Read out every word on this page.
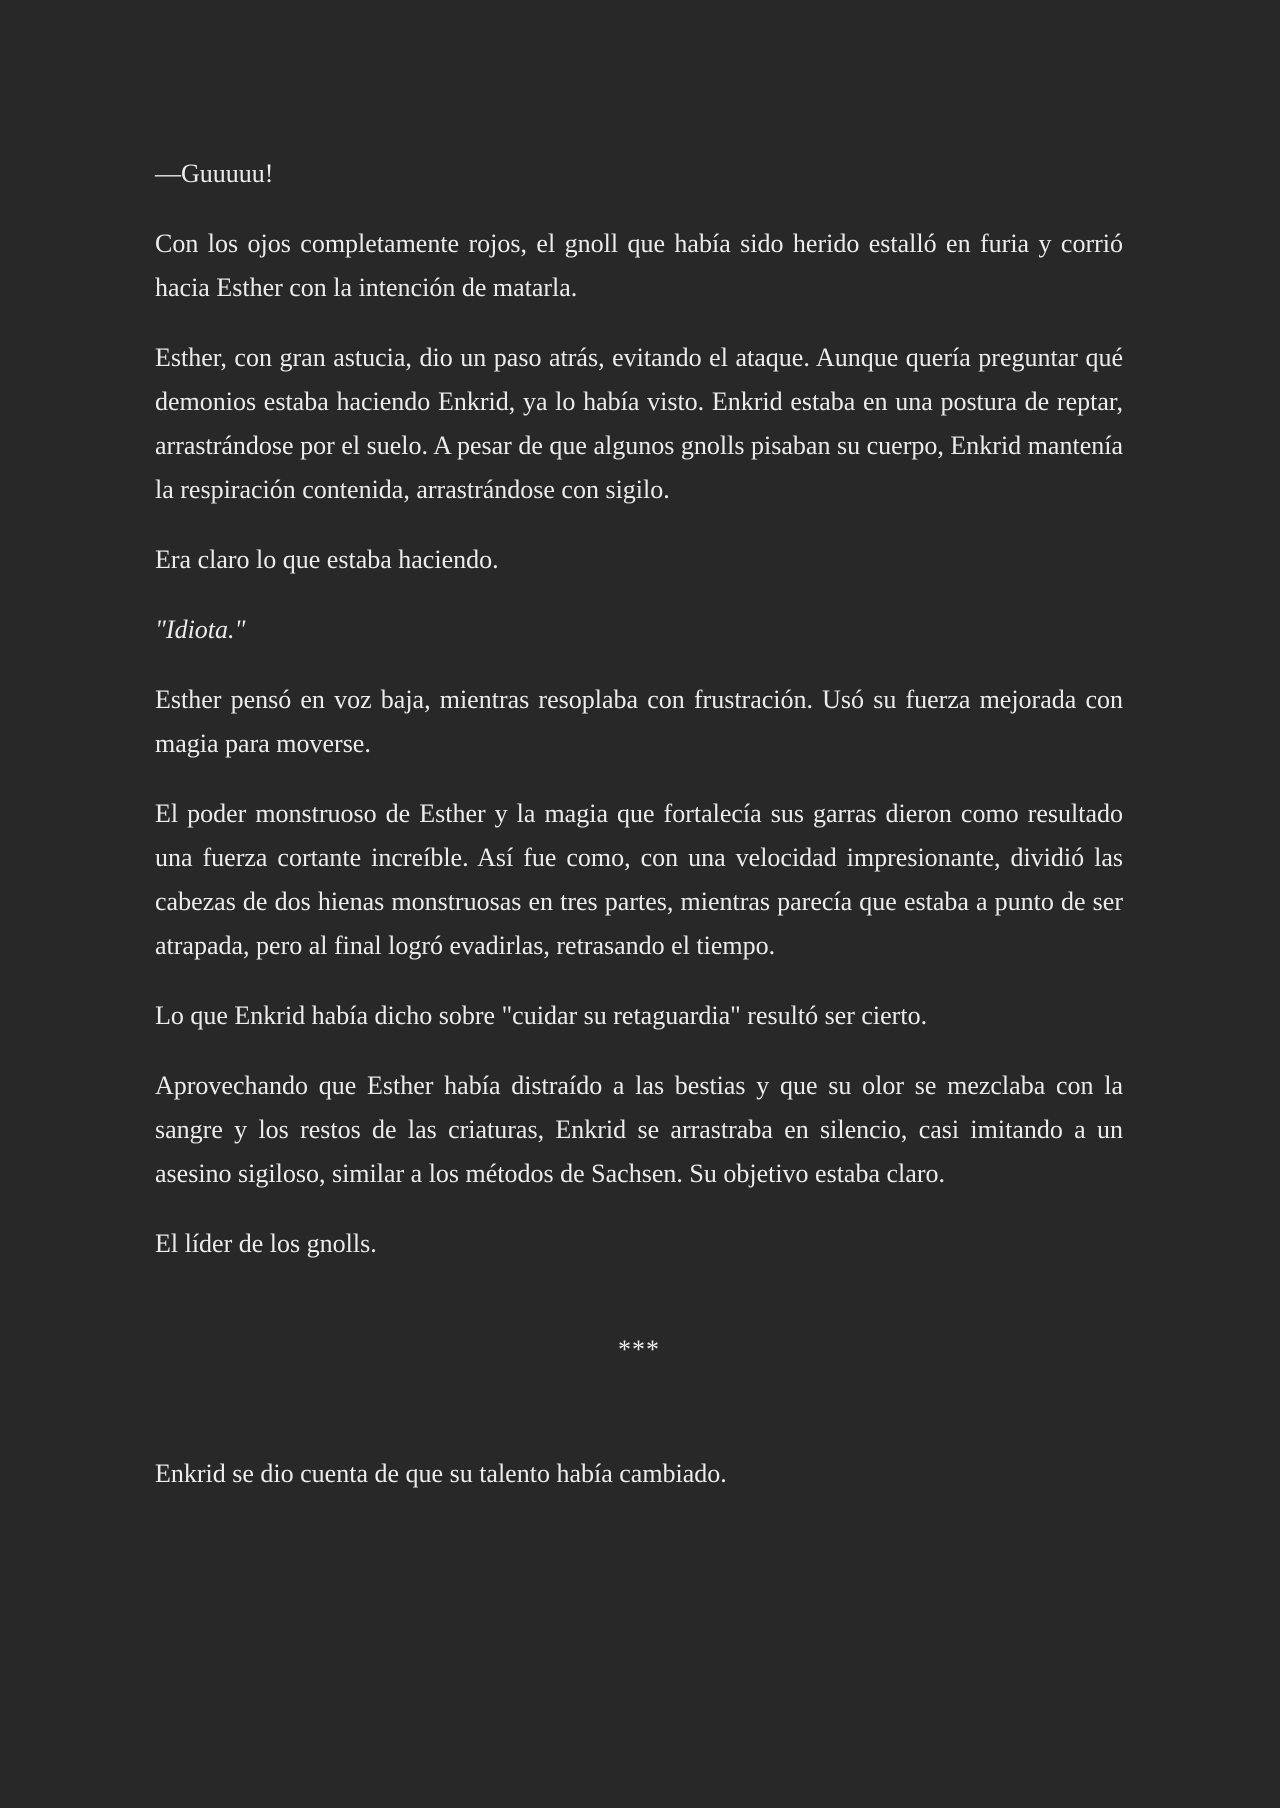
—Guuuuu!

Con los ojos completamente rojos, el gnoll que había sido herido estalló en furia y corrió hacia Esther con la intención de matarla.

Esther, con gran astucia, dio un paso atrás, evitando el ataque. Aunque quería preguntar qué demonios estaba haciendo Enkrid, ya lo había visto. Enkrid estaba en una postura de reptar, arrastrándose por el suelo. A pesar de que algunos gnolls pisaban su cuerpo, Enkrid mantenía la respiración contenida, arrastrándose con sigilo.

Era claro lo que estaba haciendo.

"Idiota."

Esther pensó en voz baja, mientras resoplaba con frustración. Usó su fuerza mejorada con magia para moverse.

El poder monstruoso de Esther y la magia que fortalecía sus garras dieron como resultado una fuerza cortante increíble. Así fue como, con una velocidad impresionante, dividió las cabezas de dos hienas monstruosas en tres partes, mientras parecía que estaba a punto de ser atrapada, pero al final logró evadirlas, retrasando el tiempo.

Lo que Enkrid había dicho sobre "cuidar su retaguardia" resultó ser cierto.

Aprovechando que Esther había distraído a las bestias y que su olor se mezclaba con la sangre y los restos de las criaturas, Enkrid se arrastraba en silencio, casi imitando a un asesino sigiloso, similar a los métodos de Sachsen. Su objetivo estaba claro.

El líder de los gnolls.

***

Enkrid se dio cuenta de que su talento había cambiado.
